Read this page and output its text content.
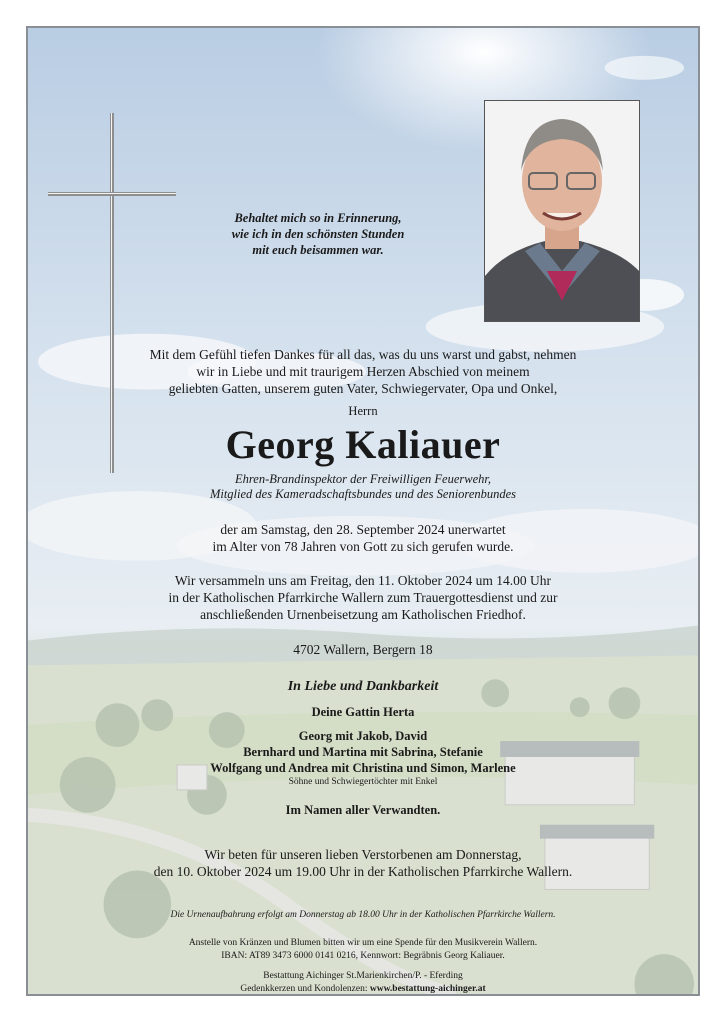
Behaltet mich so in Erinnerung,
wie ich in den schönsten Stunden
mit euch beisammen war.
Mit dem Gefühl tiefen Dankes für all das, was du uns warst und gabst, nehmen
wir in Liebe und mit traurigem Herzen Abschied von meinem
geliebten Gatten, unserem guten Vater, Schwiegervater, Opa und Onkel,
Herrn
Georg Kaliauer
Ehren-Brandinspektor der Freiwilligen Feuerwehr,
Mitglied des Kameradschaftsbundes und des Seniorenbundes
der am Samstag, den 28. September 2024 unerwartet
im Alter von 78 Jahren von Gott zu sich gerufen wurde.
Wir versammeln uns am Freitag, den 11. Oktober 2024 um 14.00 Uhr
in der Katholischen Pfarrkirche Wallern zum Trauergottesdienst und zur
anschließenden Urnenbeisetzung am Katholischen Friedhof.
4702 Wallern, Bergern 18
In Liebe und Dankbarkeit
Deine Gattin Herta
Georg mit Jakob, David
Bernhard und Martina mit Sabrina, Stefanie
Wolfgang und Andrea mit Christina und Simon, Marlene
Söhne und Schwiegertöchter mit Enkel
Im Namen aller Verwandten.
Wir beten für unseren lieben Verstorbenen am Donnerstag,
den 10. Oktober 2024 um 19.00 Uhr in der Katholischen Pfarrkirche Wallern.
Die Urnenaufbahrung erfolgt am Donnerstag ab 18.00 Uhr in der Katholischen Pfarrkirche Wallern.
Anstelle von Kränzen und Blumen bitten wir um eine Spende für den Musikverein Wallern.
IBAN: AT89 3473 6000 0141 0216, Kennwort: Begräbnis Georg Kaliauer.
Bestattung Aichinger St.Marienkirchen/P. - Eferding
Gedenkkerzen und Kondolenzen: www.bestattung-aichinger.at
